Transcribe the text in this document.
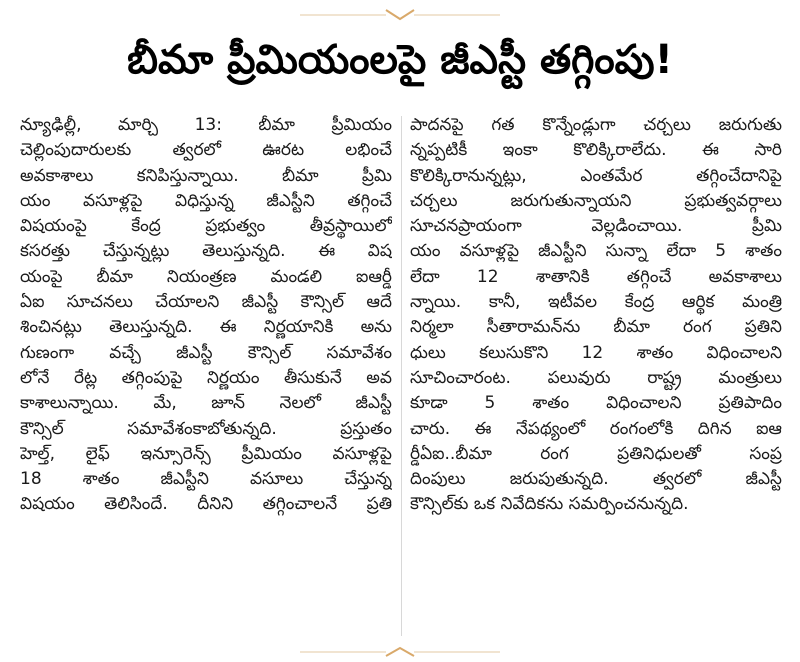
బీమా ప్రీమియంలపై జీఎస్టీ తగ్గింపు!
న్యూఢిల్లీ, మార్చి 13: బీమా ప్రీమియం
చెల్లింపుదారులకు త్వరలో ఊరట లభించే
అవకాశాలు కనిపిస్తున్నాయి. బీమా ప్రీమి
యం వసూళ్లపై విధిస్తున్న జీఎస్టీని తగ్గించే
విషయంపై కేంద్ర ప్రభుత్వం తీవ్రస్థాయిలో
కసరత్తు చేస్తున్నట్లు తెలుస్తున్నది. ఈ విష
యంపై బీమా నియంత్రణ మండలి ఐఆర్డీ
ఏఐ సూచనలు చేయాలని జీఎస్టీ కౌన్సిల్ ఆదే
శించినట్లు తెలుస్తున్నది. ఈ నిర్ణయానికి అను
గుణంగా వచ్చే జీఎస్టీ కౌన్సిల్ సమావేశం
లోనే రేట్ల తగ్గింపుపై నిర్ణయం తీసుకునే అవ
కాశాలున్నాయి. మే, జూన్ నెలలో జీఎస్టీ
కౌన్సిల్ సమావేశంకాబోతున్నది. ప్రస్తుతం
హెల్త్, లైఫ్ ఇన్సూరెన్స్ ప్రీమియం వసూళ్లపై
18 శాతం జీఎస్టీని వసూలు చేస్తున్న
విషయం తెలిసిందే. దీనిని తగ్గించాలనే ప్రతి
పాదనపై గత కొన్నేండ్లుగా చర్చలు జరుగుతు
న్నప్పటికీ ఇంకా కొలిక్కిరాలేదు. ఈ సారి
కొలిక్కిరానున్నట్లు, ఎంతమేర తగ్గించేదానిపై
చర్చలు జరుగుతున్నాయని ప్రభుత్వవర్గాలు
సూచనప్రాయంగా వెల్లడించాయి. ప్రీమి
యం వసూళ్లపై జీఎస్టీని సున్నా లేదా 5 శాతం
లేదా 12 శాతానికి తగ్గించే అవకాశాలు
న్నాయి. కానీ, ఇటీవల కేంద్ర ఆర్థిక మంత్రి
నిర్మలా సీతారామన్‌ను బీమా రంగ ప్రతిని
ధులు కలుసుకొని 12 శాతం విధించాలని
సూచించారంట. పలువురు రాష్ట్ర మంత్రులు
కూడా 5 శాతం విధించాలని ప్రతిపాదిం
చారు. ఈ నేపథ్యంలో రంగంలోకి దిగిన ఐఆ
ర్డీఏఐ..బీమా రంగ ప్రతినిధులతో సంప్ర
దింపులు జరుపుతున్నది. త్వరలో జీఎస్టీ
కౌన్సిల్‌కు ఒక నివేదికను సమర్పించనున్నది.
